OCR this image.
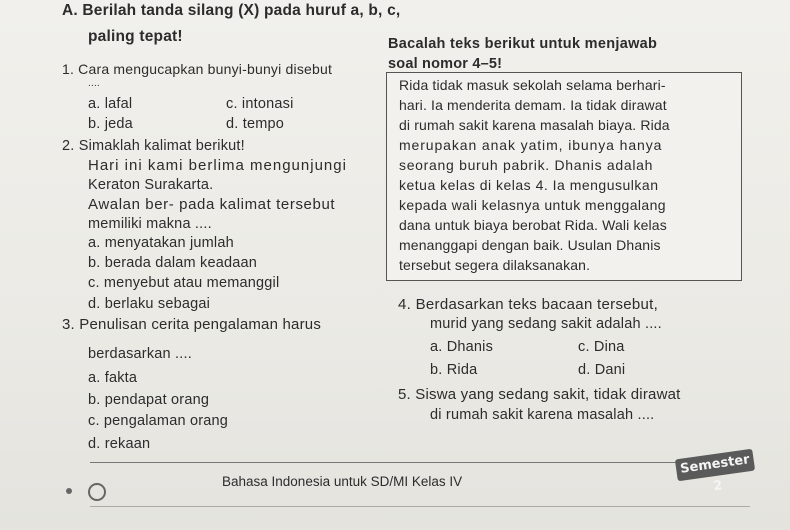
A. Berilah tanda silang (X) pada huruf a, b, c,
paling tepat!
1. Cara mengucapkan bunyi-bunyi disebut
....
a. lafal	c. intonasi
b. jeda	d. tempo
2. Simaklah kalimat berikut!
Hari ini kami berlima mengunjungi
Keraton Surakarta.
Awalan ber- pada kalimat tersebut
memiliki makna ....
a. menyatakan jumlah
b. berada dalam keadaan
c. menyebut atau memanggil
d. berlaku sebagai
3. Penulisan cerita pengalaman harus
berdasarkan ....
a. fakta
b. pendapat orang
c. pengalaman orang
d. rekaan
Bacalah teks berikut untuk menjawab
soal nomor 4–5!
Rida tidak masuk sekolah selama berhari-
hari. Ia menderita demam. Ia tidak dirawat
di rumah sakit karena masalah biaya. Rida
merupakan anak yatim, ibunya hanya
seorang buruh pabrik. Dhanis adalah
ketua kelas di kelas 4. Ia mengusulkan
kepada wali kelasnya untuk menggalang
dana untuk biaya berobat Rida. Wali kelas
menanggapi dengan baik. Usulan Dhanis
tersebut segera dilaksanakan.
4. Berdasarkan teks bacaan tersebut,
murid yang sedang sakit adalah ....
a. Dhanis	c. Dina
b. Rida	d. Dani
5. Siswa yang sedang sakit, tidak dirawat
di rumah sakit karena masalah ....
Bahasa Indonesia untuk SD/MI Kelas IV
Semester 2
